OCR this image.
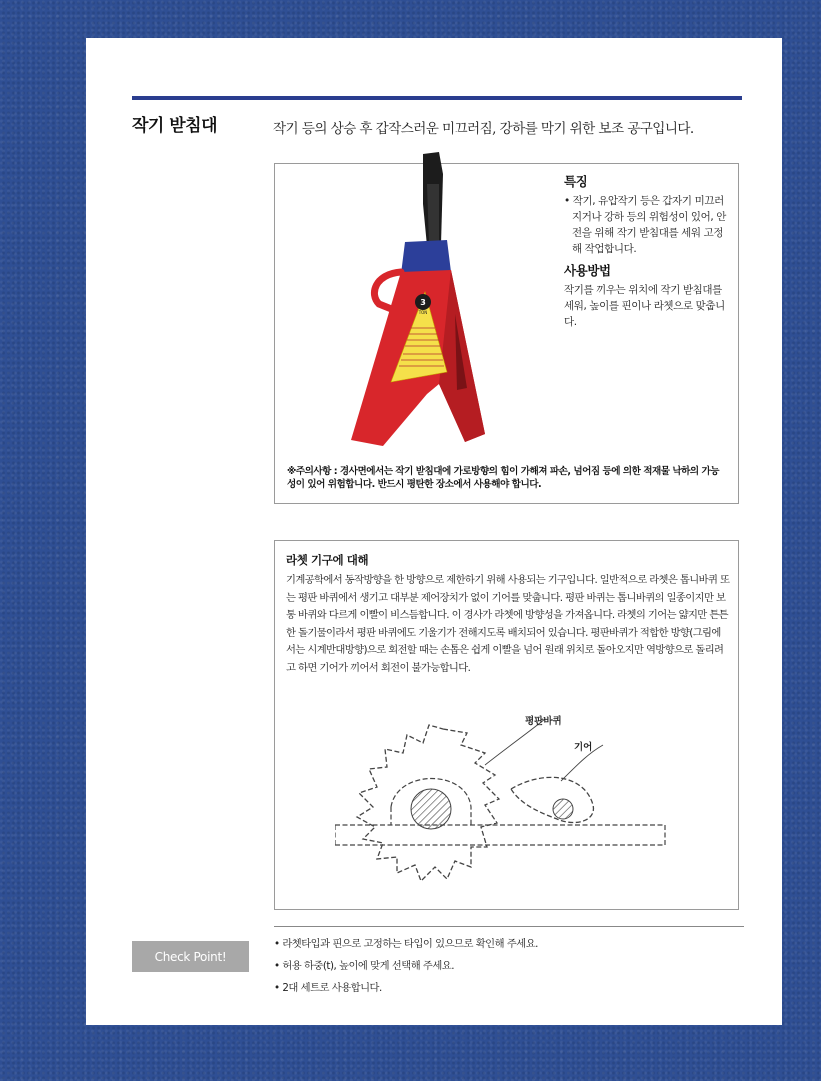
작기 받침대	작기 등의 상승 후 갑작스러운 미끄러짐, 강하를 막기 위한 보조 공구입니다.
3
TON
특징

• 작기, 유압작기 등은 갑자기 미끄러지거나 강하 등의 위험성이 있어, 안전을 위해 작기 받침대를 세워 고정해 작업합니다.

사용방법

작기를 끼우는 위치에 작기 받침대를 세워, 높이를 핀이나 라쳇으로 맞춥니다.

※주의사항 : 경사면에서는 작기 받침대에 가로방향의 힘이 가해져 파손, 넘어짐 등에 의한 적재물 낙하의 가능성이 있어 위험합니다. 반드시 평탄한 장소에서 사용해야 합니다.
라쳇 기구에 대해
기계공학에서 동작방향을 한 방향으로 제한하기 위해 사용되는 기구입니다. 일반적으로 라쳇은 톱니바퀴 또는 평판 바퀴에서 생기고 대부분 제어장치가 없이 기어를 맞춥니다. 평판 바퀴는 톱니바퀴의 일종이지만 보통 바퀴와 다르게 이빨이 비스듬합니다. 이 경사가 라쳇에 방향성을 가져옵니다. 라쳇의 기어는 얇지만 튼튼한 돌기물이라서 평판 바퀴에도 기울기가 전해지도록 배치되어 있습니다. 평판바퀴가 적합한 방향(그림에서는 시계반대방향)으로 회전할 때는 손톱은 쉽게 이빨을 넘어 원래 위치로 돌아오지만 역방향으로 돌리려고 하면 기어가 끼어서 회전이 불가능합니다.
평판바퀴
기어
Check Point!
• 라쳇타입과 핀으로 고정하는 타입이 있으므로 확인해 주세요.
• 허용 하중(t), 높이에 맞게 선택해 주세요.
• 2대 세트로 사용합니다.
